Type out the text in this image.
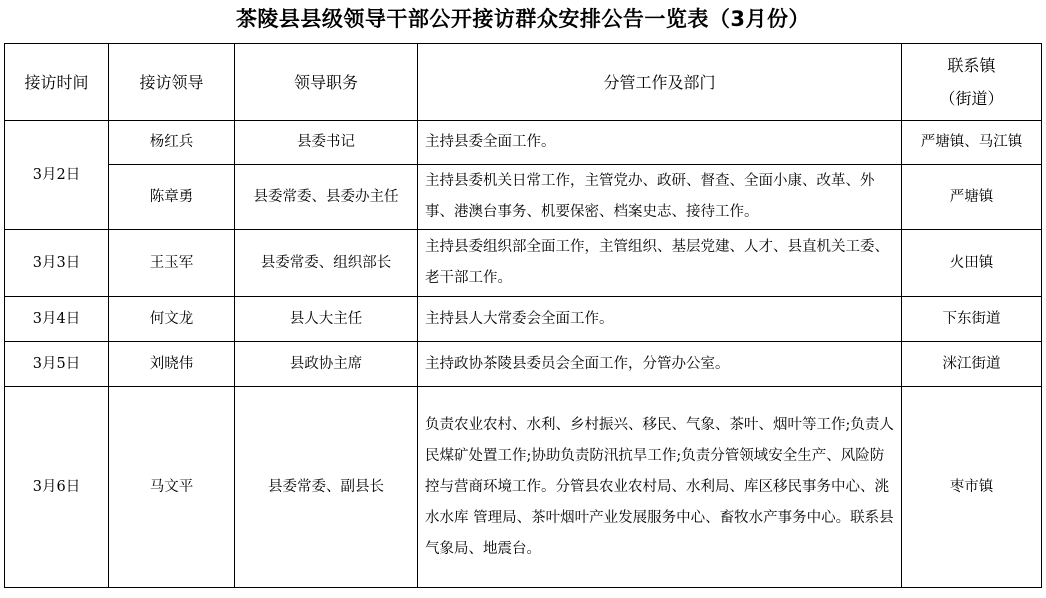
茶陵县县级领导干部公开接访群众安排公告一览表（3月份）
接访时间	接访领导	领导职务	分管工作及部门	联系镇
（街道）

3月2日	杨红兵	县委书记	主持县委全面工作。	严塘镇、马江镇
	陈章勇	县委常委、县委办主任	主持县委机关日常工作，主管党办、政研、督查、全面小康、改革、外事、港澳台事务、机要保密、档案史志、接待工作。	严塘镇
3月3日	王玉军	县委常委、组织部长	主持县委组织部全面工作，主管组织、基层党建、人才、县直机关工委、老干部工作。	火田镇
3月4日	何文龙	县人大主任	主持县人大常委会全面工作。	下东街道
3月5日	刘晓伟	县政协主席	主持政协茶陵县委员会全面工作，分管办公室。	洣江街道
3月6日	马文平	县委常委、副县长	负责农业农村、水利、乡村振兴、移民、气象、茶叶、烟叶等工作;负责人民煤矿处置工作;协助负责防汛抗旱工作;负责分管领域安全生产、风险防控与营商环境工作。分管县农业农村局、水利局、库区移民事务中心、洮水水库 管理局、茶叶烟叶产业发展服务中心、畜牧水产事务中心。联系县气象局、地震台。	枣市镇
